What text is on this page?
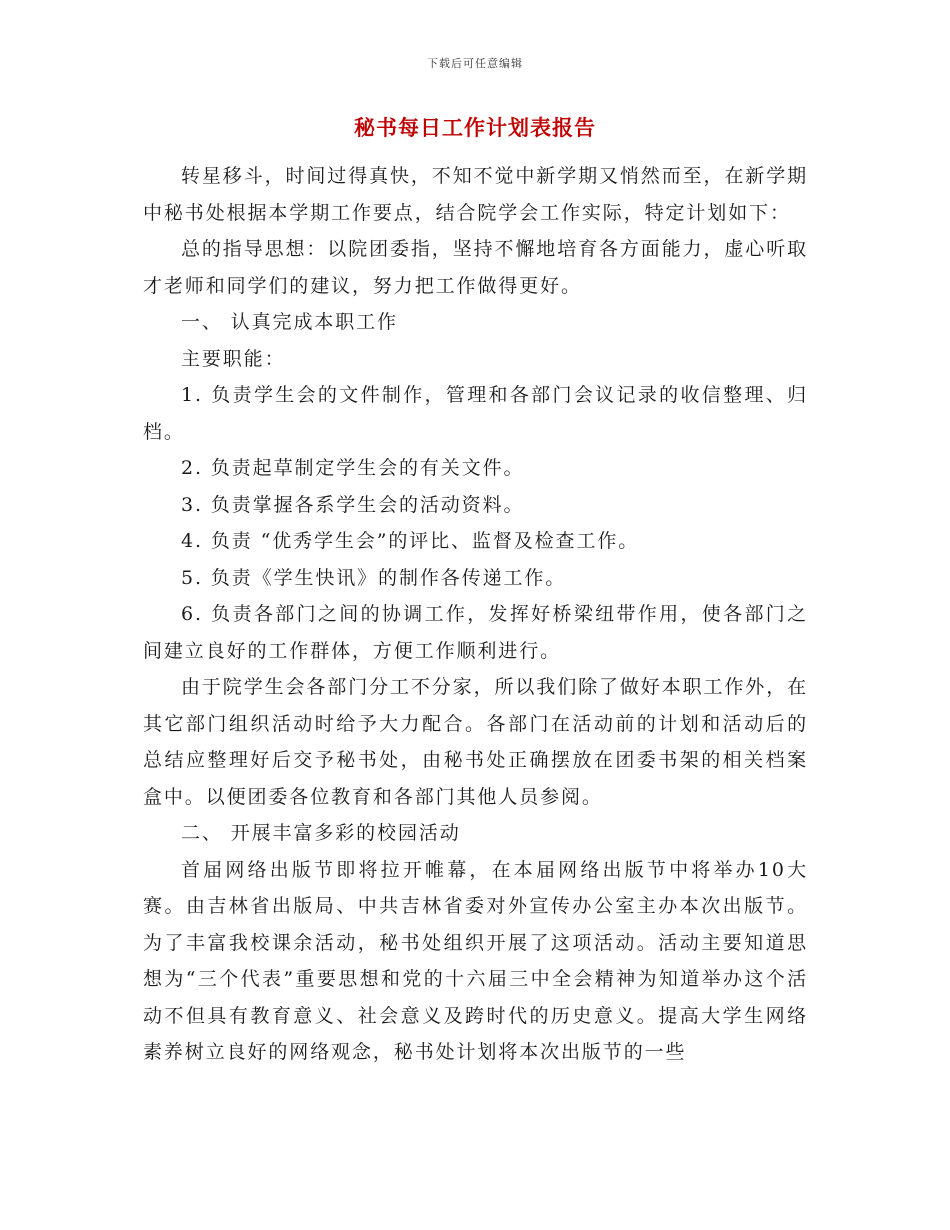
下载后可任意编辑
秘书每日工作计划表报告

转星移斗，时间过得真快，不知不觉中新学期又悄然而至，在新学期中秘书处根据本学期工作要点，结合院学会工作实际，特定计划如下：

总的指导思想：以院团委指，坚持不懈地培育各方面能力，虚心听取才老师和同学们的建议，努力把工作做得更好。

一、 认真完成本职工作

主要职能：

1. 负责学生会的文件制作，管理和各部门会议记录的收信整理、归档。

2. 负责起草制定学生会的有关文件。

3. 负责掌握各系学生会的活动资料。

4. 负责 “优秀学生会”的评比、监督及检查工作。

5. 负责《学生快讯》的制作各传递工作。

6. 负责各部门之间的协调工作，发挥好桥梁纽带作用，使各部门之间建立良好的工作群体，方便工作顺利进行。

由于院学生会各部门分工不分家，所以我们除了做好本职工作外，在其它部门组织活动时给予大力配合。各部门在活动前的计划和活动后的总结应整理好后交予秘书处，由秘书处正确摆放在团委书架的相关档案盒中。以便团委各位教育和各部门其他人员参阅。

二、 开展丰富多彩的校园活动

首届网络出版节即将拉开帷幕，在本届网络出版节中将举办10大赛。由吉林省出版局、中共吉林省委对外宣传办公室主办本次出版节。为了丰富我校课余活动，秘书处组织开展了这项活动。活动主要知道思想为“三个代表”重要思想和党的十六届三中全会精神为知道举办这个活动不但具有教育意义、社会意义及跨时代的历史意义。提高大学生网络素养树立良好的网络观念，秘书处计划将本次出版节的一些
